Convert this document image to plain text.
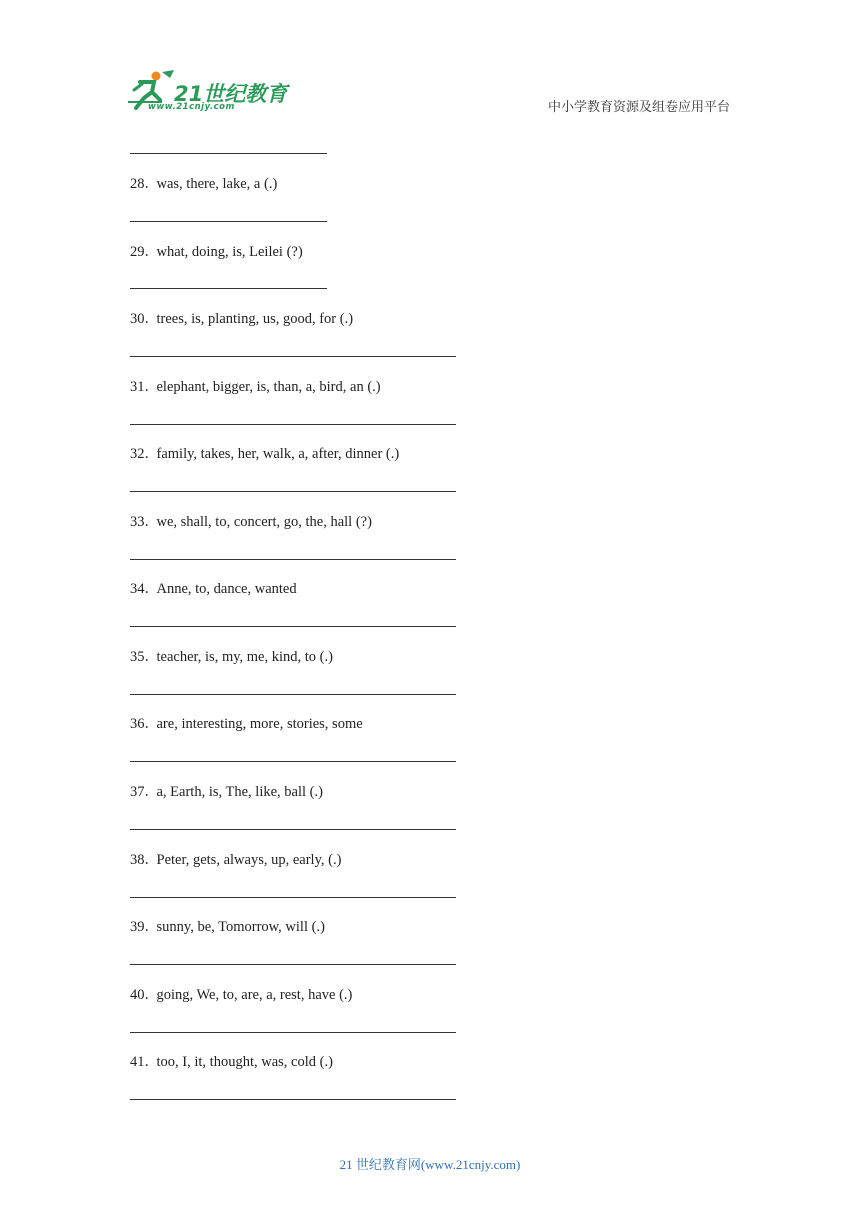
21世纪教育
www.21cnjy.com	中小学教育资源及组卷应用平台
28．was, there, lake, a (.)
29．what, doing, is, Leilei (?)
30．trees, is, planting, us, good, for (.)
31．elephant, bigger, is, than, a, bird, an (.)
32．family, takes, her, walk, a, after, dinner (.)
33．we, shall, to, concert, go, the, hall (?)
34．Anne, to, dance, wanted
35．teacher, is, my, me, kind, to (.)
36．are, interesting, more, stories, some
37．a, Earth, is, The, like, ball (.)
38．Peter, gets, always, up, early, (.)
39．sunny, be, Tomorrow, will (.)
40．going, We, to, are, a, rest, have (.)
41．too, I, it, thought, was, cold (.)
21 世纪教育网(www.21cnjy.com)
